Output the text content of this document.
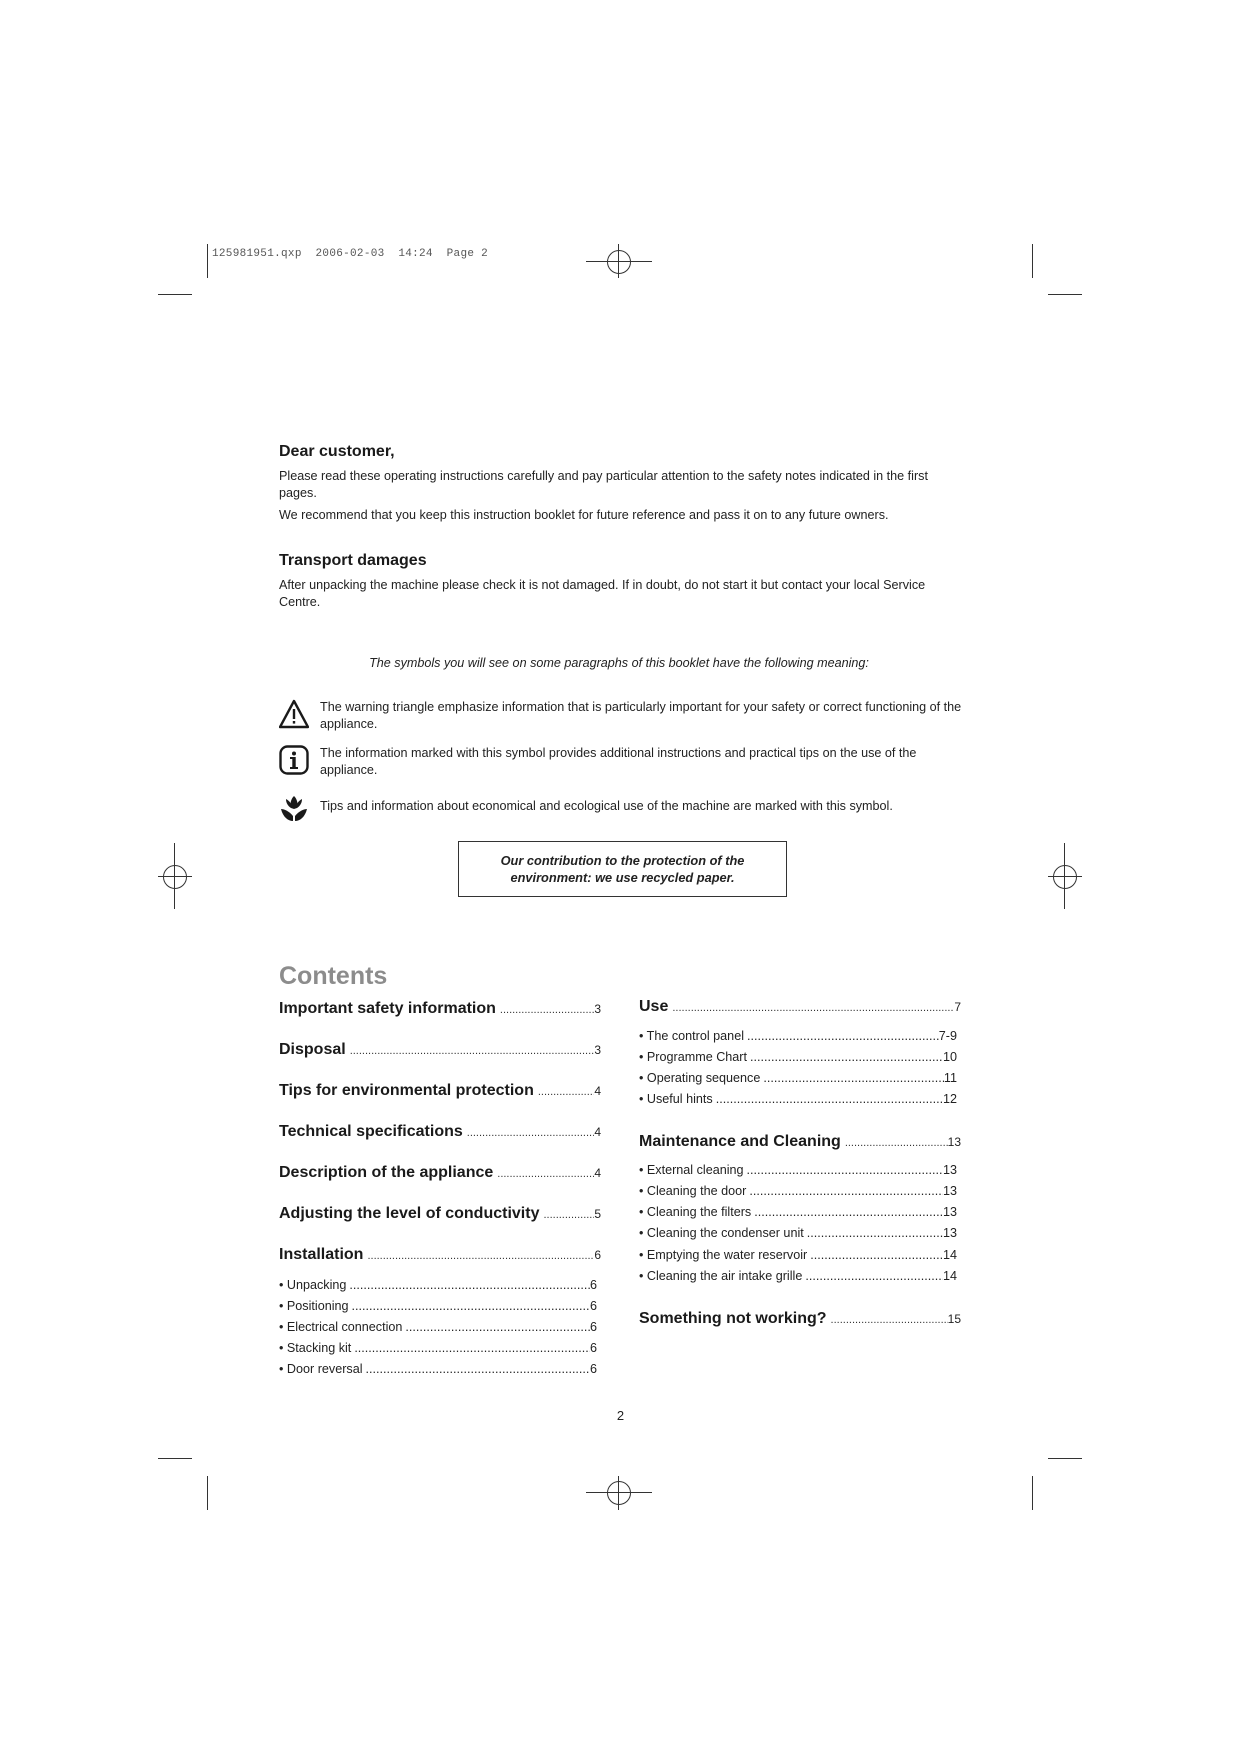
125981951.qxp  2006-02-03  14:24  Page 2
Dear customer,
Please read these operating instructions carefully and pay particular attention to the safety notes indicated in the first pages.
We recommend that you keep this instruction booklet for future reference and pass it on to any future owners.
Transport damages
After unpacking the machine please check it is not damaged. If in doubt, do not start it but contact your local Service Centre.
The symbols you will see on some paragraphs of this booklet have the following meaning:
The warning triangle emphasize information that is particularly important for your safety or correct functioning of the appliance.
The information marked with this symbol provides additional instructions and practical tips on the use of the appliance.
Tips and information about economical and ecological use of the machine are marked with this symbol.
Our contribution to the protection of the
environment: we use recycled paper.
Contents
Important safety information .....	3
Disposal .....	3
Tips for environmental protection .....	4
Technical specifications .....	4
Description of the appliance .....	4
Adjusting the level of conductivity .....	5
Installation .....	6
• Unpacking .....	6
• Positioning .....	6
• Electrical connection .....	6
• Stacking kit .....	6
• Door reversal .....	6
Use .....	7
• The control panel .....	7-9
• Programme Chart .....	10
• Operating sequence .....	11
• Useful hints .....	12
Maintenance and Cleaning .....	13
• External cleaning .....	13
• Cleaning the door .....	13
• Cleaning the filters .....	13
• Cleaning the condenser unit .....	13
• Emptying the water reservoir .....	14
• Cleaning the air intake grille .....	14
Something not working? .....	15
2
